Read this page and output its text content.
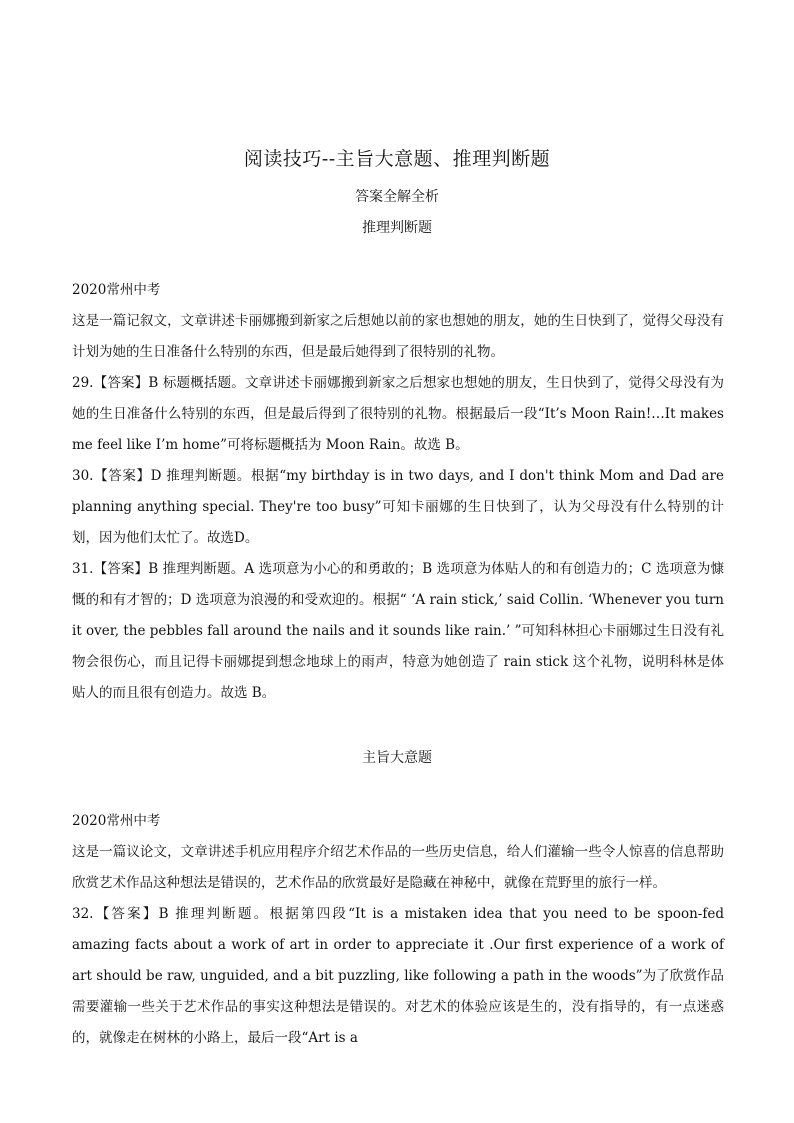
阅读技巧--主旨大意题、推理判断题
答案全解全析
推理判断题

2020常州中考

这是一篇记叙文，文章讲述卡丽娜搬到新家之后想她以前的家也想她的朋友，她的生日快到了，觉得父母没有计划为她的生日准备什么特别的东西，但是最后她得到了很特别的礼物。

29.【答案】B 标题概括题。文章讲述卡丽娜搬到新家之后想家也想她的朋友，生日快到了，觉得父母没有为她的生日准备什么特别的东西，但是最后得到了很特别的礼物。根据最后一段“It’s Moon Rain!…It makes me feel like I’m home”可将标题概括为 Moon Rain。故选 B。

30.【答案】D 推理判断题。根据“my birthday is in two days, and I don't think Mom and Dad are planning anything special. They're too busy”可知卡丽娜的生日快到了，认为父母没有什么特别的计划，因为他们太忙了。故选D。

31.【答案】B 推理判断题。A 选项意为小心的和勇敢的；B 选项意为体贴人的和有创造力的；C 选项意为慷慨的和有才智的；D 选项意为浪漫的和受欢迎的。根据“ ‘A rain stick,’ said Collin. ‘Whenever you turn it over, the pebbles fall around the nails and it sounds like rain.’ ”可知科林担心卡丽娜过生日没有礼物会很伤心，而且记得卡丽娜提到想念地球上的雨声，特意为她创造了 rain stick 这个礼物，说明科林是体贴人的而且很有创造力。故选 B。

主旨大意题

2020常州中考

这是一篇议论文，文章讲述手机应用程序介绍艺术作品的一些历史信息，给人们灌输一些令人惊喜的信息帮助欣赏艺术作品这种想法是错误的，艺术作品的欣赏最好是隐藏在神秘中，就像在荒野里的旅行一样。

32.【答案】B 推理判断题。根据第四段“It is a mistaken idea that you need to be spoon-fed amazing facts about a work of art in order to appreciate it .Our first experience of a work of art should be raw, unguided, and a bit puzzling, like following a path in the woods”为了欣赏作品需要灌输一些关于艺术作品的事实这种想法是错误的。对艺术的体验应该是生的，没有指导的，有一点迷惑的，就像走在树林的小路上，最后一段“Art is a
